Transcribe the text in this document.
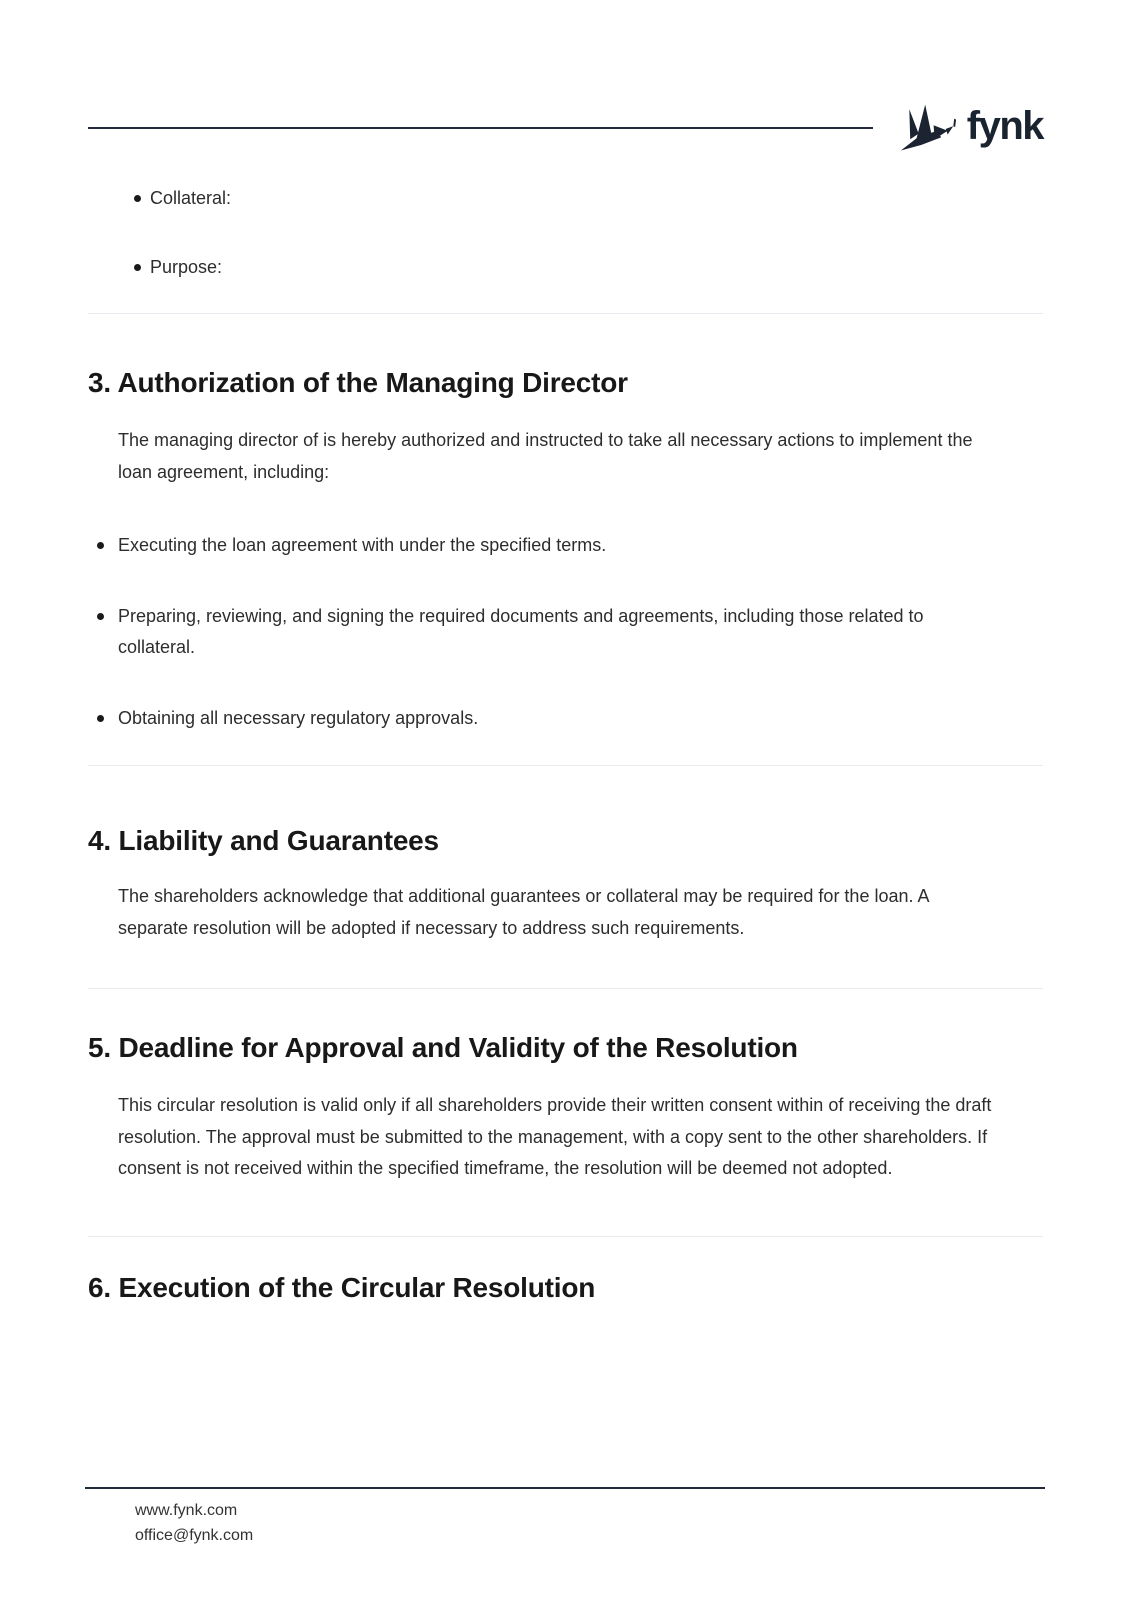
fynk
Collateral:
Purpose:
3. Authorization of the Managing Director

The managing director of is hereby authorized and instructed to take all necessary actions to implement the loan agreement, including:

Executing the loan agreement with under the specified terms.
Preparing, reviewing, and signing the required documents and agreements, including those related to collateral.
Obtaining all necessary regulatory approvals.
4. Liability and Guarantees

The shareholders acknowledge that additional guarantees or collateral may be required for the loan. A separate resolution will be adopted if necessary to address such requirements.

5. Deadline for Approval and Validity of the Resolution

This circular resolution is valid only if all shareholders provide their written consent within of receiving the draft resolution. The approval must be submitted to the management, with a copy sent to the other shareholders. If consent is not received within the specified timeframe, the resolution will be deemed not adopted.

6. Execution of the Circular Resolution
www.fynk.com
office@fynk.com
